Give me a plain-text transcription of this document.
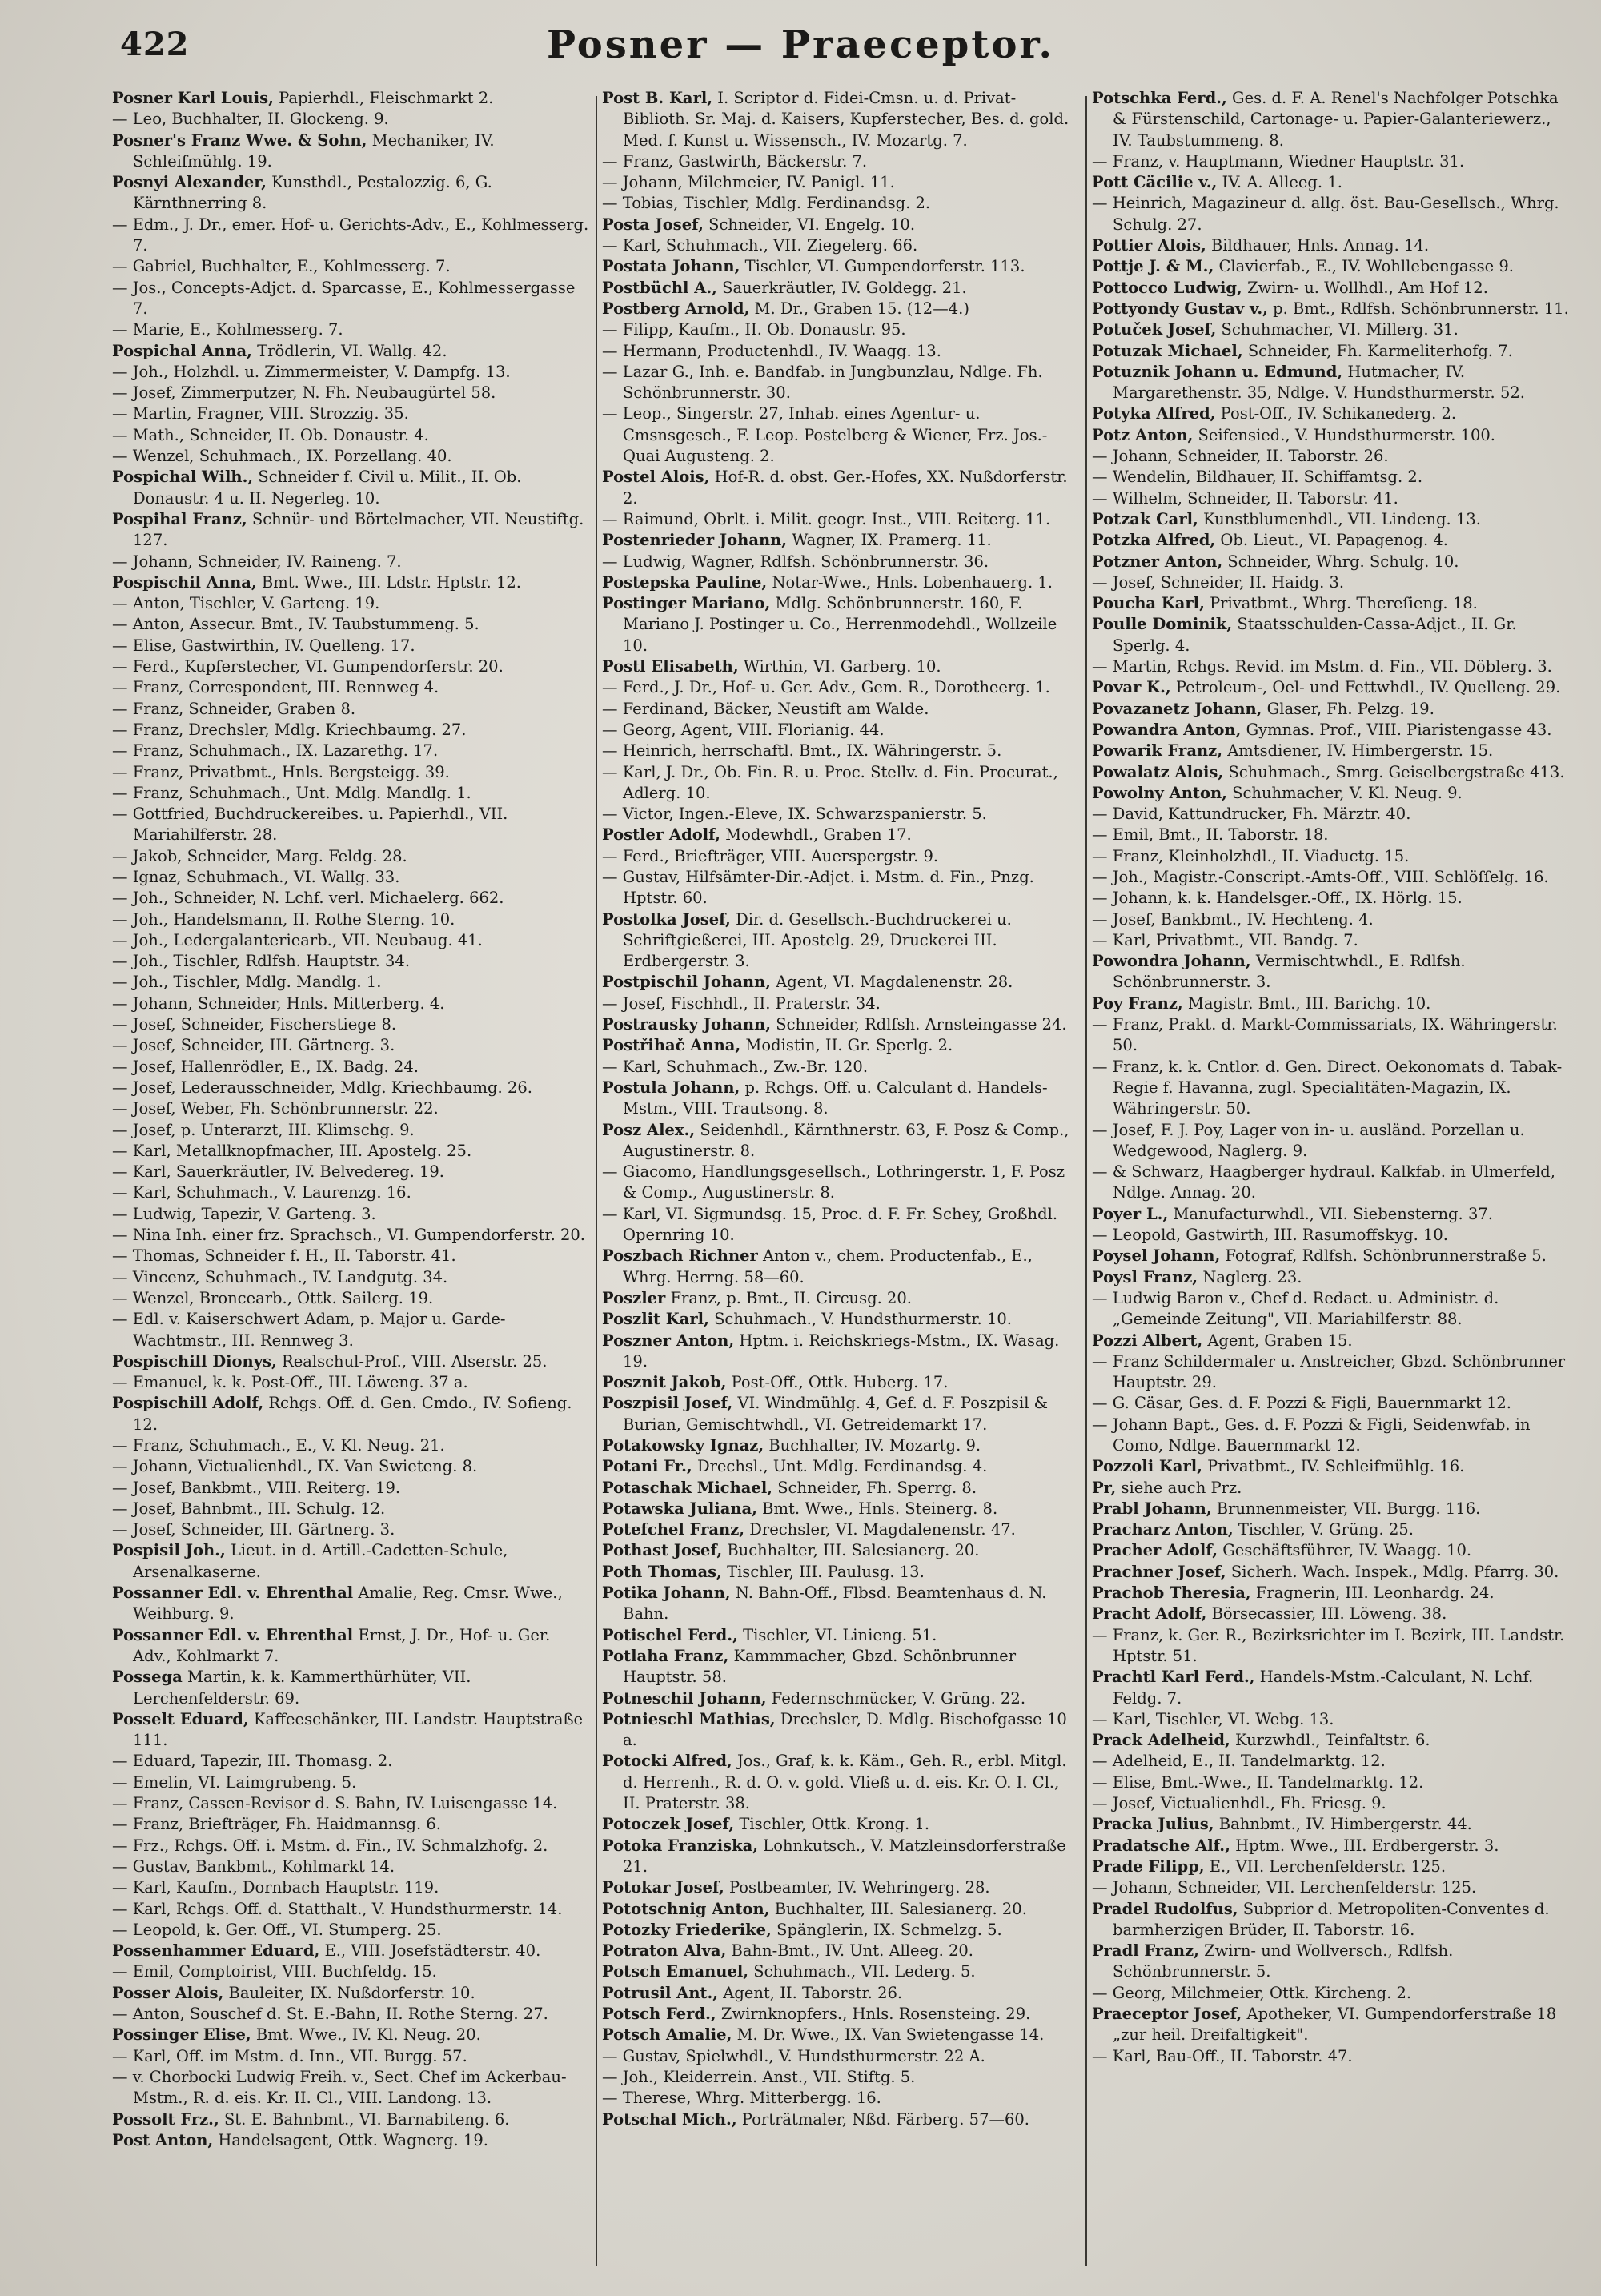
422	Posner — Praeceptor.

Posner Karl Louis, Papierhdl., Fleischmarkt 2.

— Leo, Buchhalter, II. Glockeng. 9.

Posner's Franz Wwe. & Sohn, Mechaniker, IV. Schleifmühlg. 19.

Posnyi Alexander, Kunsthdl., Pestalozzig. 6, G. Kärnthnerring 8.

— Edm., J. Dr., emer. Hof- u. Gerichts-Adv., E., Kohlmesserg. 7.

— Gabriel, Buchhalter, E., Kohlmesserg. 7.

— Jos., Concepts-Adjct. d. Sparcasse, E., Kohlmessergasse 7.

— Marie, E., Kohlmesserg. 7.

Pospichal Anna, Trödlerin, VI. Wallg. 42.

— Joh., Holzhdl. u. Zimmermeister, V. Dampfg. 13.

— Josef, Zimmerputzer, N. Fh. Neubaugürtel 58.

— Martin, Fragner, VIII. Strozzig. 35.

— Math., Schneider, II. Ob. Donaustr. 4.

— Wenzel, Schuhmach., IX. Porzellang. 40.

Pospichal Wilh., Schneider f. Civil u. Milit., II. Ob. Donaustr. 4 u. II. Negerleg. 10.

Pospihal Franz, Schnür- und Börtelmacher, VII. Neustiftg. 127.

— Johann, Schneider, IV. Raineng. 7.

Pospischil Anna, Bmt. Wwe., III. Ldstr. Hptstr. 12.

— Anton, Tischler, V. Garteng. 19.

— Anton, Assecur. Bmt., IV. Taubstummeng. 5.

— Elise, Gastwirthin, IV. Quelleng. 17.

— Ferd., Kupferstecher, VI. Gumpendorferstr. 20.

— Franz, Correspondent, III. Rennweg 4.

— Franz, Schneider, Graben 8.

— Franz, Drechsler, Mdlg. Kriechbaumg. 27.

— Franz, Schuhmach., IX. Lazarethg. 17.

— Franz, Privatbmt., Hnls. Bergsteigg. 39.

— Franz, Schuhmach., Unt. Mdlg. Mandlg. 1.

— Gottfried, Buchdruckereibes. u. Papierhdl., VII. Mariahilferstr. 28.

— Jakob, Schneider, Marg. Feldg. 28.

— Ignaz, Schuhmach., VI. Wallg. 33.

— Joh., Schneider, N. Lchf. verl. Michaelerg. 662.

— Joh., Handelsmann, II. Rothe Sterng. 10.

— Joh., Ledergalanteriearb., VII. Neubaug. 41.

— Joh., Tischler, Rdlfsh. Hauptstr. 34.

— Joh., Tischler, Mdlg. Mandlg. 1.

— Johann, Schneider, Hnls. Mitterberg. 4.

— Josef, Schneider, Fischerstiege 8.

— Josef, Schneider, III. Gärtnerg. 3.

— Josef, Hallenrödler, E., IX. Badg. 24.

— Josef, Lederausschneider, Mdlg. Kriechbaumg. 26.

— Josef, Weber, Fh. Schönbrunnerstr. 22.

— Josef, p. Unterarzt, III. Klimschg. 9.

— Karl, Metallknopfmacher, III. Apostelg. 25.

— Karl, Sauerkräutler, IV. Belvedereg. 19.

— Karl, Schuhmach., V. Laurenzg. 16.

— Ludwig, Tapezir, V. Garteng. 3.

— Nina Inh. einer frz. Sprachsch., VI. Gumpendorferstr. 20.

— Thomas, Schneider f. H., II. Taborstr. 41.

— Vincenz, Schuhmach., IV. Landgutg. 34.

— Wenzel, Broncearb., Ottk. Sailerg. 19.

— Edl. v. Kaiserschwert Adam, p. Major u. Garde-Wachtmstr., III. Rennweg 3.

Pospischill Dionys, Realschul-Prof., VIII. Alserstr. 25.

— Emanuel, k. k. Post-Off., III. Löweng. 37 a.

Pospischill Adolf, Rchgs. Off. d. Gen. Cmdo., IV. Sofieng. 12.

— Franz, Schuhmach., E., V. Kl. Neug. 21.

— Johann, Victualienhdl., IX. Van Swieteng. 8.

— Josef, Bankbmt., VIII. Reiterg. 19.

— Josef, Bahnbmt., III. Schulg. 12.

— Josef, Schneider, III. Gärtnerg. 3.

Pospisil Joh., Lieut. in d. Artill.-Cadetten-Schule, Arsenalkaserne.

Possanner Edl. v. Ehrenthal Amalie, Reg. Cmsr. Wwe., Weihburg. 9.

Possanner Edl. v. Ehrenthal Ernst, J. Dr., Hof- u. Ger. Adv., Kohlmarkt 7.

Possega Martin, k. k. Kammerthürhüter, VII. Lerchenfelderstr. 69.

Posselt Eduard, Kaffeeschänker, III. Landstr. Hauptstraße 111.

— Eduard, Tapezir, III. Thomasg. 2.

— Emelin, VI. Laimgrubeng. 5.

— Franz, Cassen-Revisor d. S. Bahn, IV. Luisengasse 14.

— Franz, Briefträger, Fh. Haidmannsg. 6.

— Frz., Rchgs. Off. i. Mstm. d. Fin., IV. Schmalzhofg. 2.

— Gustav, Bankbmt., Kohlmarkt 14.

— Karl, Kaufm., Dornbach Hauptstr. 119.

— Karl, Rchgs. Off. d. Statthalt., V. Hundsthurmerstr. 14.

— Leopold, k. Ger. Off., VI. Stumperg. 25.

Possenhammer Eduard, E., VIII. Josefstädterstr. 40.

— Emil, Comptoirist, VIII. Buchfeldg. 15.

Posser Alois, Bauleiter, IX. Nußdorferstr. 10.

— Anton, Souschef d. St. E.-Bahn, II. Rothe Sterng. 27.

Possinger Elise, Bmt. Wwe., IV. Kl. Neug. 20.

— Karl, Off. im Mstm. d. Inn., VII. Burgg. 57.

— v. Chorbocki Ludwig Freih. v., Sect. Chef im Ackerbau-Mstm., R. d. eis. Kr. II. Cl., VIII. Landong. 13.

Possolt Frz., St. E. Bahnbmt., VI. Barnabiteng. 6.

Post Anton, Handelsagent, Ottk. Wagnerg. 19.

Post B. Karl, I. Scriptor d. Fidei-Cmsn. u. d. Privat-Biblioth. Sr. Maj. d. Kaisers, Kupferstecher, Bes. d. gold. Med. f. Kunst u. Wissensch., IV. Mozartg. 7.

— Franz, Gastwirth, Bäckerstr. 7.

— Johann, Milchmeier, IV. Panigl. 11.

— Tobias, Tischler, Mdlg. Ferdinandsg. 2.

Posta Josef, Schneider, VI. Engelg. 10.

— Karl, Schuhmach., VII. Ziegelerg. 66.

Postata Johann, Tischler, VI. Gumpendorferstr. 113.

Postbüchl A., Sauerkräutler, IV. Goldegg. 21.

Postberg Arnold, M. Dr., Graben 15. (12—4.)

— Filipp, Kaufm., II. Ob. Donaustr. 95.

— Hermann, Productenhdl., IV. Waagg. 13.

— Lazar G., Inh. e. Bandfab. in Jungbunzlau, Ndlge. Fh. Schönbrunnerstr. 30.

— Leop., Singerstr. 27, Inhab. eines Agentur- u. Cmsnsgesch., F. Leop. Postelberg & Wiener, Frz. Jos.-Quai Augusteng. 2.

Postel Alois, Hof-R. d. obst. Ger.-Hofes, XX. Nußdorferstr. 2.

— Raimund, Obrlt. i. Milit. geogr. Inst., VIII. Reiterg. 11.

Postenrieder Johann, Wagner, IX. Pramerg. 11.

— Ludwig, Wagner, Rdlfsh. Schönbrunnerstr. 36.

Postepska Pauline, Notar-Wwe., Hnls. Lobenhauerg. 1.

Postinger Mariano, Mdlg. Schönbrunnerstr. 160, F. Mariano J. Postinger u. Co., Herrenmodehdl., Wollzeile 10.

Postl Elisabeth, Wirthin, VI. Garberg. 10.

— Ferd., J. Dr., Hof- u. Ger. Adv., Gem. R., Dorotheerg. 1.

— Ferdinand, Bäcker, Neustift am Walde.

— Georg, Agent, VIII. Florianig. 44.

— Heinrich, herrschaftl. Bmt., IX. Währingerstr. 5.

— Karl, J. Dr., Ob. Fin. R. u. Proc. Stellv. d. Fin. Procurat., Adlerg. 10.

— Victor, Ingen.-Eleve, IX. Schwarzspanierstr. 5.

Postler Adolf, Modewhdl., Graben 17.

— Ferd., Briefträger, VIII. Auerspergstr. 9.

— Gustav, Hilfsämter-Dir.-Adjct. i. Mstm. d. Fin., Pnzg. Hptstr. 60.

Postolka Josef, Dir. d. Gesellsch.-Buchdruckerei u. Schriftgießerei, III. Apostelg. 29, Druckerei III. Erdbergerstr. 3.

Postpischil Johann, Agent, VI. Magdalenenstr. 28.

— Josef, Fischhdl., II. Praterstr. 34.

Postrausky Johann, Schneider, Rdlfsh. Arnsteingasse 24.

Postřihač Anna, Modistin, II. Gr. Sperlg. 2.

— Karl, Schuhmach., Zw.-Br. 120.

Postula Johann, p. Rchgs. Off. u. Calculant d. Handels-Mstm., VIII. Trautsong. 8.

Posz Alex., Seidenhdl., Kärnthnerstr. 63, F. Posz & Comp., Augustinerstr. 8.

— Giacomo, Handlungsgesellsch., Lothringerstr. 1, F. Posz & Comp., Augustinerstr. 8.

— Karl, VI. Sigmundsg. 15, Proc. d. F. Fr. Schey, Großhdl. Opernring 10.

Poszbach Richner Anton v., chem. Productenfab., E., Whrg. Herrng. 58—60.

Poszler Franz, p. Bmt., II. Circusg. 20.

Poszlit Karl, Schuhmach., V. Hundsthurmerstr. 10.

Poszner Anton, Hptm. i. Reichskriegs-Mstm., IX. Wasag. 19.

Posznit Jakob, Post-Off., Ottk. Huberg. 17.

Poszpisil Josef, VI. Windmühlg. 4, Gef. d. F. Poszpisil & Burian, Gemischtwhdl., VI. Getreidemarkt 17.

Potakowsky Ignaz, Buchhalter, IV. Mozartg. 9.

Potani Fr., Drechsl., Unt. Mdlg. Ferdinandsg. 4.

Potaschak Michael, Schneider, Fh. Sperrg. 8.

Potawska Juliana, Bmt. Wwe., Hnls. Steinerg. 8.

Potefchel Franz, Drechsler, VI. Magdalenenstr. 47.

Pothast Josef, Buchhalter, III. Salesianerg. 20.

Poth Thomas, Tischler, III. Paulusg. 13.

Potika Johann, N. Bahn-Off., Flbsd. Beamtenhaus d. N. Bahn.

Potischel Ferd., Tischler, VI. Linieng. 51.

Potlaha Franz, Kammmacher, Gbzd. Schönbrunner Hauptstr. 58.

Potneschil Johann, Federnschmücker, V. Grüng. 22.

Potnieschl Mathias, Drechsler, D. Mdlg. Bischofgasse 10 a.

Potocki Alfred, Jos., Graf, k. k. Käm., Geh. R., erbl. Mitgl. d. Herrenh., R. d. O. v. gold. Vließ u. d. eis. Kr. O. I. Cl., II. Praterstr. 38.

Potoczek Josef, Tischler, Ottk. Krong. 1.

Potoka Franziska, Lohnkutsch., V. Matzleinsdorferstraße 21.

Potokar Josef, Postbeamter, IV. Wehringerg. 28.

Pototschnig Anton, Buchhalter, III. Salesianerg. 20.

Potozky Friederike, Spänglerin, IX. Schmelzg. 5.

Potraton Alva, Bahn-Bmt., IV. Unt. Alleeg. 20.

Potsch Emanuel, Schuhmach., VII. Lederg. 5.

Potrusil Ant., Agent, II. Taborstr. 26.

Potsch Ferd., Zwirnknopfers., Hnls. Rosensteing. 29.

Potsch Amalie, M. Dr. Wwe., IX. Van Swietengasse 14.

— Gustav, Spielwhdl., V. Hundsthurmerstr. 22 A.

— Joh., Kleiderrein. Anst., VII. Stiftg. 5.

— Therese, Whrg. Mitterbergg. 16.

Potschal Mich., Porträtmaler, Nßd. Färberg. 57—60.

Potschka Ferd., Ges. d. F. A. Renel's Nachfolger Potschka & Fürstenschild, Cartonage- u. Papier-Galanteriewerz., IV. Taubstummeng. 8.

— Franz, v. Hauptmann, Wiedner Hauptstr. 31.

Pott Cäcilie v., IV. A. Alleeg. 1.

— Heinrich, Magazineur d. allg. öst. Bau-Gesellsch., Whrg. Schulg. 27.

Pottier Alois, Bildhauer, Hnls. Annag. 14.

Pottje J. & M., Clavierfab., E., IV. Wohllebengasse 9.

Pottocco Ludwig, Zwirn- u. Wollhdl., Am Hof 12.

Pottyondy Gustav v., p. Bmt., Rdlfsh. Schönbrunnerstr. 11.

Potuček Josef, Schuhmacher, VI. Millerg. 31.

Potuzak Michael, Schneider, Fh. Karmeliterhofg. 7.

Potuznik Johann u. Edmund, Hutmacher, IV. Margarethenstr. 35, Ndlge. V. Hundsthurmerstr. 52.

Potyka Alfred, Post-Off., IV. Schikanederg. 2.

Potz Anton, Seifensied., V. Hundsthurmerstr. 100.

— Johann, Schneider, II. Taborstr. 26.

— Wendelin, Bildhauer, II. Schiffamtsg. 2.

— Wilhelm, Schneider, II. Taborstr. 41.

Potzak Carl, Kunstblumenhdl., VII. Lindeng. 13.

Potzka Alfred, Ob. Lieut., VI. Papagenog. 4.

Potzner Anton, Schneider, Whrg. Schulg. 10.

— Josef, Schneider, II. Haidg. 3.

Poucha Karl, Privatbmt., Whrg. Thereſieng. 18.

Poulle Dominik, Staatsschulden-Cassa-Adjct., II. Gr. Sperlg. 4.

— Martin, Rchgs. Revid. im Mstm. d. Fin., VII. Döblerg. 3.

Povar K., Petroleum-, Oel- und Fettwhdl., IV. Quelleng. 29.

Povazanetz Johann, Glaser, Fh. Pelzg. 19.

Powandra Anton, Gymnas. Prof., VIII. Piaristengasse 43.

Powarik Franz, Amtsdiener, IV. Himbergerstr. 15.

Powalatz Alois, Schuhmach., Smrg. Geiselbergstraße 413.

Powolny Anton, Schuhmacher, V. Kl. Neug. 9.

— David, Kattundrucker, Fh. Märztr. 40.

— Emil, Bmt., II. Taborstr. 18.

— Franz, Kleinholzhdl., II. Viaductg. 15.

— Joh., Magistr.-Conscript.-Amts-Off., VIII. Schlöſſelg. 16.

— Johann, k. k. Handelsger.-Off., IX. Hörlg. 15.

— Josef, Bankbmt., IV. Hechteng. 4.

— Karl, Privatbmt., VII. Bandg. 7.

Powondra Johann, Vermischtwhdl., E. Rdlfsh. Schönbrunnerstr. 3.

Poy Franz, Magistr. Bmt., III. Barichg. 10.

— Franz, Prakt. d. Markt-Commissariats, IX. Währingerstr. 50.

— Franz, k. k. Cntlor. d. Gen. Direct. Oekonomats d. Tabak-Regie f. Havanna, zugl. Specialitäten-Magazin, IX. Währingerstr. 50.

— Josef, F. J. Poy, Lager von in- u. ausländ. Porzellan u. Wedgewood, Naglerg. 9.

— & Schwarz, Haagberger hydraul. Kalkfab. in Ulmerfeld, Ndlge. Annag. 20.

Poyer L., Manufacturwhdl., VII. Siebensterng. 37.

— Leopold, Gastwirth, III. Rasumoffskyg. 10.

Poysel Johann, Fotograf, Rdlfsh. Schönbrunnerstraße 5.

Poysl Franz, Naglerg. 23.

— Ludwig Baron v., Chef d. Redact. u. Administr. d. „Gemeinde Zeitung", VII. Mariahilferstr. 88.

Pozzi Albert, Agent, Graben 15.

— Franz Schildermaler u. Anstreicher, Gbzd. Schönbrunner Hauptstr. 29.

— G. Cäsar, Ges. d. F. Pozzi & Figli, Bauernmarkt 12.

— Johann Bapt., Ges. d. F. Pozzi & Figli, Seidenwfab. in Como, Ndlge. Bauernmarkt 12.

Pozzoli Karl, Privatbmt., IV. Schleifmühlg. 16.

Pr, siehe auch Prz.

Prabl Johann, Brunnenmeister, VII. Burgg. 116.

Pracharz Anton, Tischler, V. Grüng. 25.

Pracher Adolf, Geschäftsführer, IV. Waagg. 10.

Prachner Josef, Sicherh. Wach. Inspek., Mdlg. Pfarrg. 30.

Prachob Theresia, Fragnerin, III. Leonhardg. 24.

Pracht Adolf, Börsecassier, III. Löweng. 38.

— Franz, k. Ger. R., Bezirksrichter im I. Bezirk, III. Landstr. Hptstr. 51.

Prachtl Karl Ferd., Handels-Mstm.-Calculant, N. Lchf. Feldg. 7.

— Karl, Tischler, VI. Webg. 13.

Prack Adelheid, Kurzwhdl., Teinfaltstr. 6.

— Adelheid, E., II. Tandelmarktg. 12.

— Elise, Bmt.-Wwe., II. Tandelmarktg. 12.

— Josef, Victualienhdl., Fh. Friesg. 9.

Pracka Julius, Bahnbmt., IV. Himbergerstr. 44.

Pradatsche Alf., Hptm. Wwe., III. Erdbergerstr. 3.

Prade Filipp, E., VII. Lerchenfelderstr. 125.

— Johann, Schneider, VII. Lerchenfelderstr. 125.

Pradel Rudolfus, Subprior d. Metropoliten-Conventes d. barmherzigen Brüder, II. Taborstr. 16.

Pradl Franz, Zwirn- und Wollversch., Rdlfsh. Schönbrunnerstr. 5.

— Georg, Milchmeier, Ottk. Kircheng. 2.

Praeceptor Josef, Apotheker, VI. Gumpendorferstraße 18 „zur heil. Dreifaltigkeit".

— Karl, Bau-Off., II. Taborstr. 47.
